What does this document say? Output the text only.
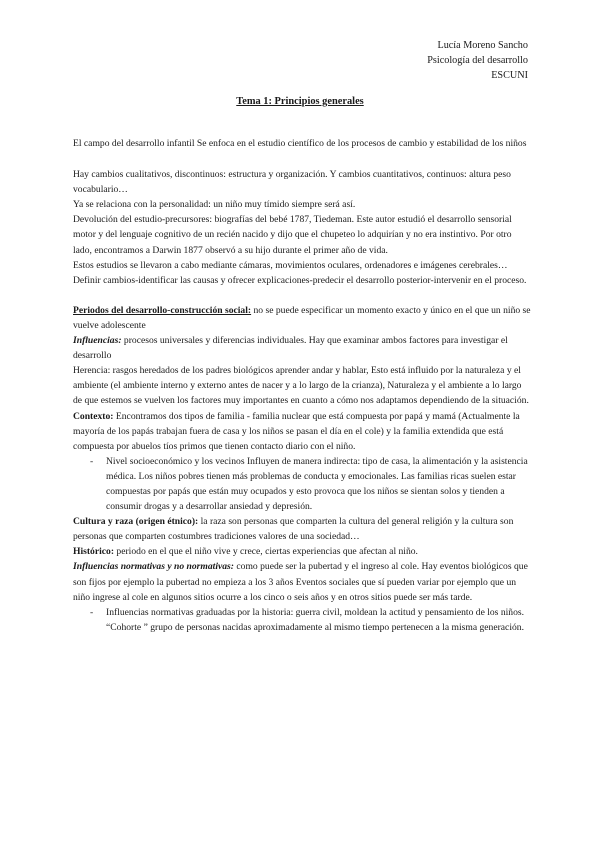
Lucía Moreno Sancho
Psicología del desarrollo
ESCUNI
Tema 1: Principios generales

El campo del desarrollo infantil Se enfoca en el estudio científico de los procesos de cambio y estabilidad de los niños

Hay cambios cualitativos, discontinuos: estructura y organización. Y cambios cuantitativos, continuos: altura peso vocabulario…

Ya se relaciona con la personalidad: un niño muy tímido siempre será así.

Devolución del estudio-precursores: biografías del bebé 1787, Tiedeman. Este autor estudió el desarrollo sensorial motor y del lenguaje cognitivo de un recién nacido y dijo que el chupeteo lo adquirían y no era instintivo. Por otro lado, encontramos a Darwin 1877 observó a su hijo durante el primer año de vida.

Estos estudios se llevaron a cabo mediante cámaras, movimientos oculares, ordenadores e imágenes cerebrales…

Definir cambios-identificar las causas y ofrecer explicaciones-predecir el desarrollo posterior-intervenir en el proceso.

Periodos del desarrollo-construcción social: no se puede especificar un momento exacto y único en el que un niño se vuelve adolescente

Influencias: procesos universales y diferencias individuales. Hay que examinar ambos factores para investigar el desarrollo

Herencia: rasgos heredados de los padres biológicos aprender andar y hablar, Esto está influido por la naturaleza y el ambiente (el ambiente interno y externo antes de nacer y a lo largo de la crianza), Naturaleza y el ambiente a lo largo de que estemos se vuelven los factores muy importantes en cuanto a cómo nos adaptamos dependiendo de la situación.

Contexto: Encontramos dos tipos de familia - familia nuclear que está compuesta por papá y mamá (Actualmente la mayoría de los papás trabajan fuera de casa y los niños se pasan el día en el cole) y la familia extendida que está compuesta por abuelos tíos primos que tienen contacto diario con el niño.

- Nivel socioeconómico y los vecinos Influyen de manera indirecta: tipo de casa, la alimentación y la asistencia médica. Los niños pobres tienen más problemas de conducta y emocionales. Las familias ricas suelen estar compuestas por papás que están muy ocupados y esto provoca que los niños se sientan solos y tienden a consumir drogas y a desarrollar ansiedad y depresión.

Cultura y raza (origen étnico): la raza son personas que comparten la cultura del general religión y la cultura son personas que comparten costumbres tradiciones valores de una sociedad…

Histórico: periodo en el que el niño vive y crece, ciertas experiencias que afectan al niño.

Influencias normativas y no normativas: como puede ser la pubertad y el ingreso al cole. Hay eventos biológicos que son fijos por ejemplo la pubertad no empieza a los 3 años Eventos sociales que sí pueden variar por ejemplo que un niño ingrese al cole en algunos sitios ocurre a los cinco o seis años y en otros sitios puede ser más tarde.

- Influencias normativas graduadas por la historia: guerra civil, moldean la actitud y pensamiento de los niños. “Cohorte ” grupo de personas nacidas aproximadamente al mismo tiempo pertenecen a la misma generación.
